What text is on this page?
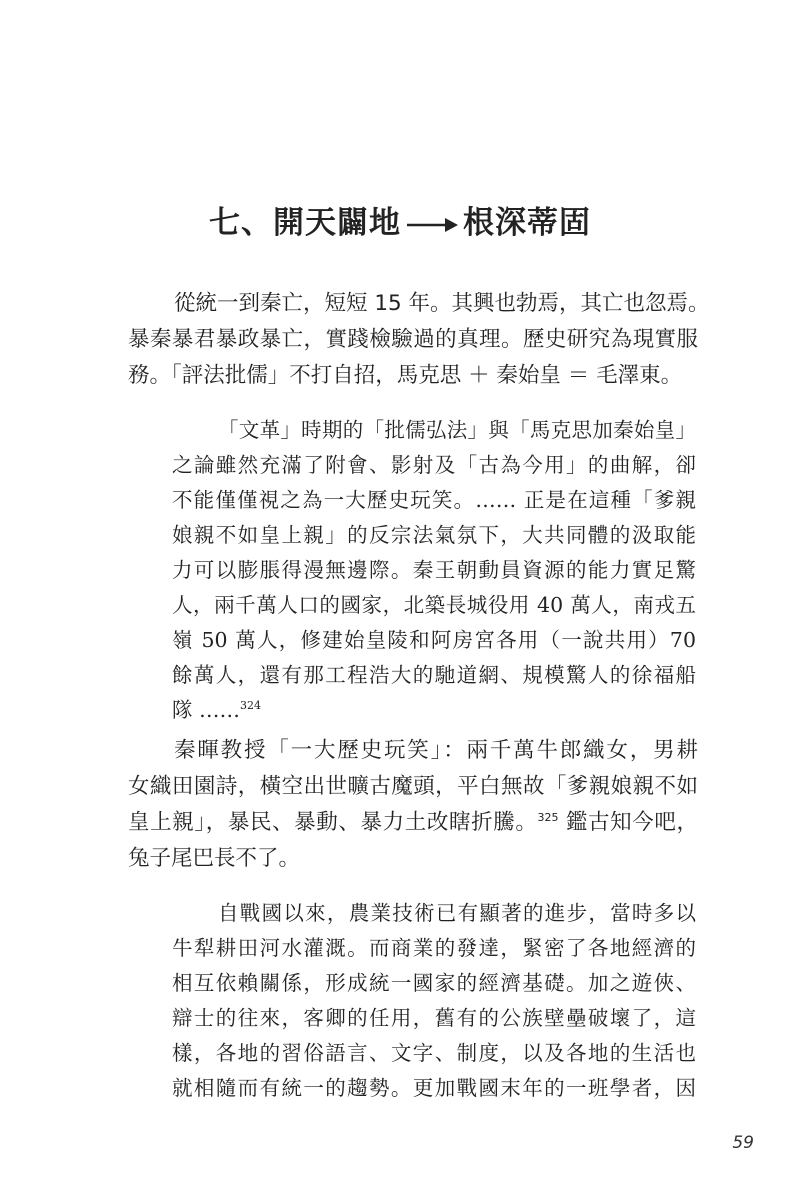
七、開天闢地 根深蒂固
從統一到秦亡，短短 15 年。其興也勃焉，其亡也忽焉。
暴秦暴君暴政暴亡，實踐檢驗過的真理。歷史研究為現實服
務。「評法批儒」不打自招，馬克思 ＋ 秦始皇 ＝ 毛澤東。
「文革」時期的「批儒弘法」與「馬克思加秦始皇」
之論雖然充滿了附會、影射及「古為今用」的曲解，卻
不能僅僅視之為一大歷史玩笑。…… 正是在這種「爹親
娘親不如皇上親」的反宗法氣氛下，大共同體的汲取能
力可以膨脹得漫無邊際。秦王朝動員資源的能力實足驚
人，兩千萬人口的國家，北築長城役用 40 萬人，南戎五
嶺 50 萬人，修建始皇陵和阿房宮各用（一說共用）70
餘萬人，還有那工程浩大的馳道網、規模驚人的徐福船
隊 ……$^{324}$
秦暉教授「一大歷史玩笑」：兩千萬牛郎織女，男耕
女織田園詩，橫空出世曠古魔頭，平白無故「爹親娘親不如
皇上親」，暴民、暴動、暴力土改瞎折騰。$^{325}$ 鑑古知今吧，
兔子尾巴長不了。
自戰國以來，農業技術已有顯著的進步，當時多以
牛犁耕田河水灌溉。而商業的發達，緊密了各地經濟的
相互依賴關係，形成統一國家的經濟基礎。加之遊俠、
辯士的往來，客卿的任用，舊有的公族壁壘破壞了，這
樣，各地的習俗語言、文字、制度，以及各地的生活也
就相隨而有統一的趨勢。更加戰國末年的一班學者，因
59
